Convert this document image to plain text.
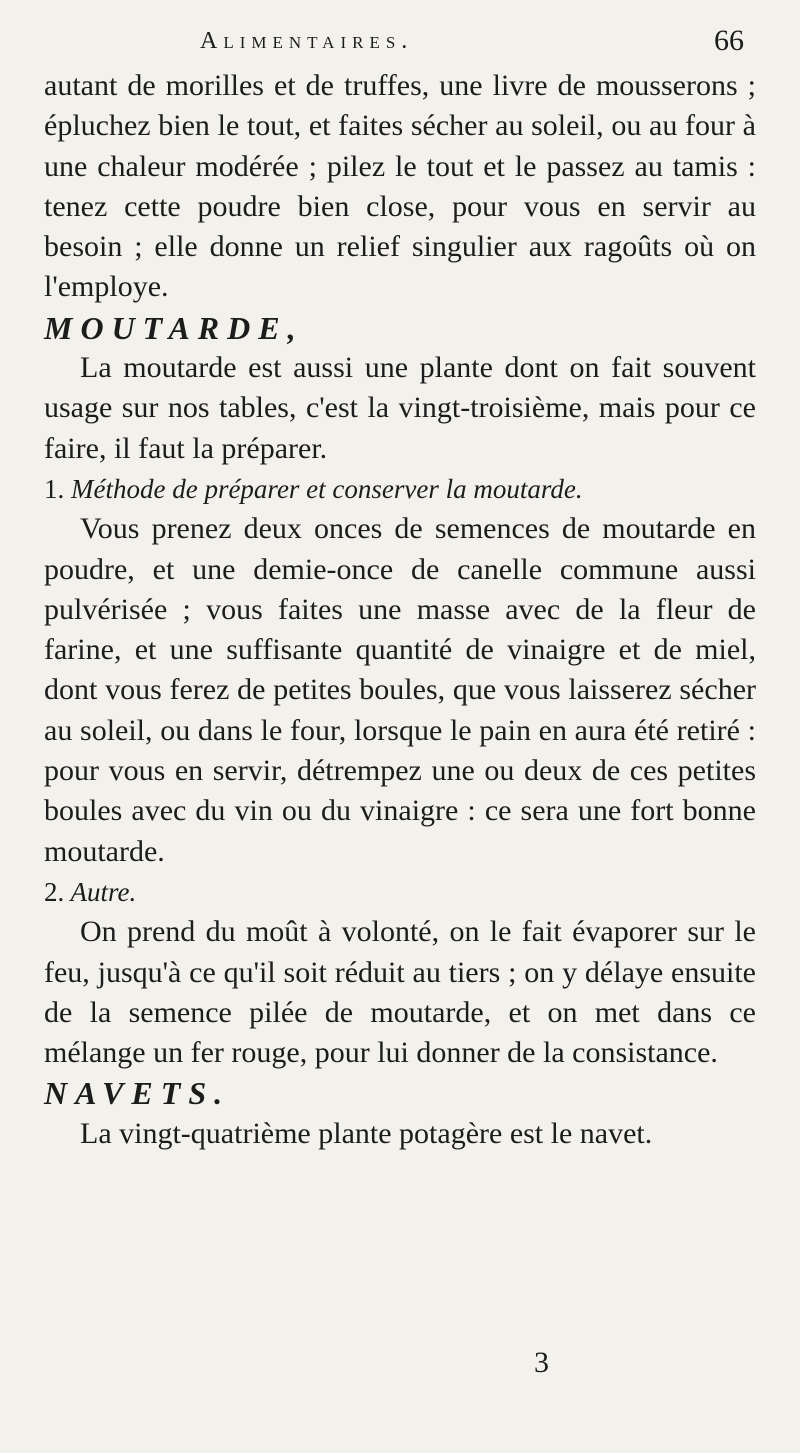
Alimentaires.	66

autant de morilles et de truffes, une livre de mousserons ; épluchez bien le tout, et faites sécher au soleil, ou au four à une chaleur modérée ; pilez le tout et le passez au tamis : tenez cette poudre bien close, pour vous en servir au besoin ; elle donne un relief singulier aux ragoûts où on l'employe.

MOUTARDE,

La moutarde est aussi une plante dont on fait souvent usage sur nos tables, c'est la vingt-troisième, mais pour ce faire, il faut la préparer.

1. Méthode de préparer et conserver la moutarde.

Vous prenez deux onces de semences de moutarde en poudre, et une demie-once de canelle commune aussi pulvérisée ; vous faites une masse avec de la fleur de farine, et une suffisante quantité de vinaigre et de miel, dont vous ferez de petites boules, que vous laisserez sécher au soleil, ou dans le four, lorsque le pain en aura été retiré : pour vous en servir, détrempez une ou deux de ces petites boules avec du vin ou du vinaigre : ce sera une fort bonne moutarde.

2. Autre.

On prend du moût à volonté, on le fait évaporer sur le feu, jusqu'à ce qu'il soit réduit au tiers ; on y délaye ensuite de la semence pilée de moutarde, et on met dans ce mélange un fer rouge, pour lui donner de la consistance.

NAVETS.

La vingt-quatrième plante potagère est le navet.

3
